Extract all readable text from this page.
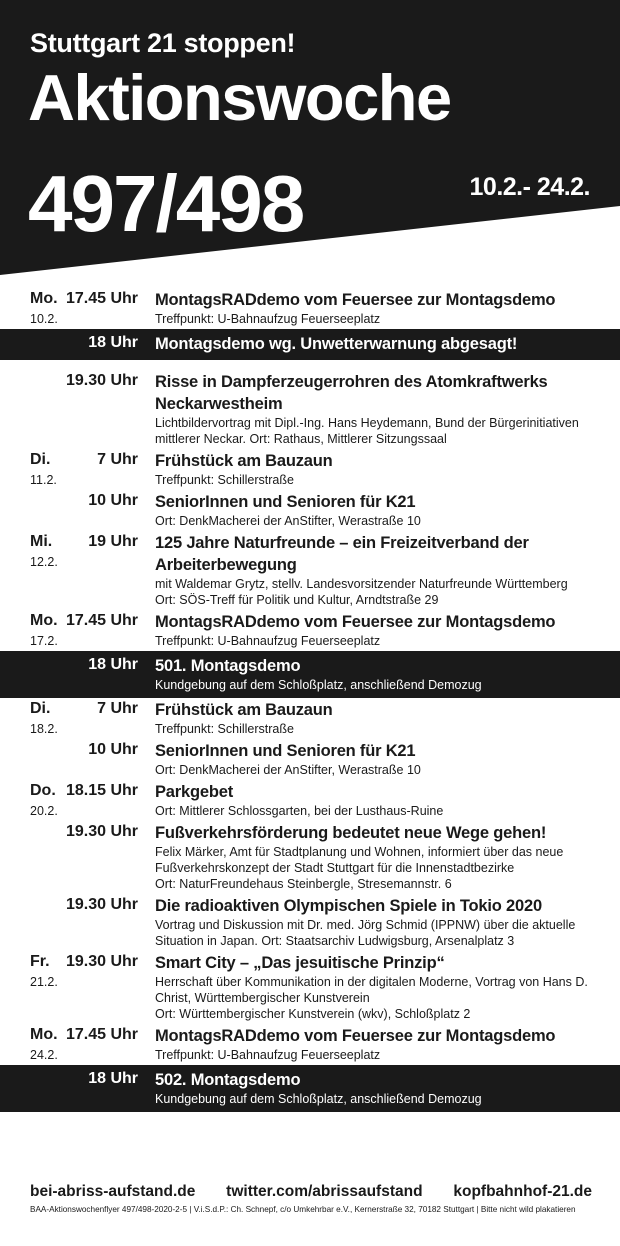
Stuttgart 21 stoppen!
Aktionswoche
497/498	10.2.- 24.2.
Mo.
10.2.
17.45 Uhr MontagsRADdemo vom Feuersee zur Montagsdemo
Treffpunkt: U-Bahnaufzug Feuerseeplatz
18 Uhr Montagsdemo wg. Unwetterwarnung abgesagt!
19.30 Uhr Risse in Dampferzeugerrohren des Atomkraftwerks Neckarwestheim
Lichtbildervortrag mit Dipl.-Ing. Hans Heydemann, Bund der Bürgerinitiativen mittlerer Neckar. Ort: Rathaus, Mittlerer Sitzungssaal
Di.
11.2.
7 Uhr Frühstück am Bauzaun
Treffpunkt: Schillerstraße
10 Uhr SeniorInnen und Senioren für K21
Ort: DenkMacherei der AnStifter, Werastraße 10
Mi.
12.2.
19 Uhr 125 Jahre Naturfreunde – ein Freizeitverband der Arbeiterbewegung
mit Waldemar Grytz, stellv. Landesvorsitzender Naturfreunde Württemberg
Ort: SÖS-Treff für Politik und Kultur, Arndtstraße 29
Mo.
17.2.
17.45 Uhr MontagsRADdemo vom Feuersee zur Montagsdemo
Treffpunkt: U-Bahnaufzug Feuerseeplatz
18 Uhr 501. Montagsdemo
Kundgebung auf dem Schloßplatz, anschließend Demozug
Di.
18.2.
7 Uhr Frühstück am Bauzaun
Treffpunkt: Schillerstraße
10 Uhr SeniorInnen und Senioren für K21
Ort: DenkMacherei der AnStifter, Werastraße 10
Do.
20.2.
18.15 Uhr Parkgebet
Ort: Mittlerer Schlossgarten, bei der Lusthaus-Ruine
19.30 Uhr Fußverkehrsförderung bedeutet neue Wege gehen!
Felix Märker, Amt für Stadtplanung und Wohnen, informiert über das neue Fußverkehrskonzept der Stadt Stuttgart für die Innenstadtbezirke
Ort: NaturFreundehaus Steinbergle, Stresemannstr. 6
19.30 Uhr Die radioaktiven Olympischen Spiele in Tokio 2020
Vortrag und Diskussion mit Dr. med. Jörg Schmid (IPPNW) über die aktuelle Situation in Japan. Ort: Staatsarchiv Ludwigsburg, Arsenalplatz 3
Fr.
21.2.
19.30 Uhr Smart City – „Das jesuitische Prinzip“
Herrschaft über Kommunikation in der digitalen Moderne, Vortrag von Hans D. Christ, Württembergischer Kunstverein
Ort: Württembergischer Kunstverein (wkv), Schloßplatz 2
Mo.
24.2.
17.45 Uhr MontagsRADdemo vom Feuersee zur Montagsdemo
Treffpunkt: U-Bahnaufzug Feuerseeplatz
18 Uhr 502. Montagsdemo
Kundgebung auf dem Schloßplatz, anschließend Demozug
bei-abriss-aufstand.de twitter.com/abrissaufstand kopfbahnhof-21.de
BAA-Aktionswochenflyer 497/498-2020-2-5 | V.i.S.d.P.: Ch. Schnepf, c/o Umkehrbar e.V., Kernerstraße 32, 70182 Stuttgart | Bitte nicht wild plakatieren
